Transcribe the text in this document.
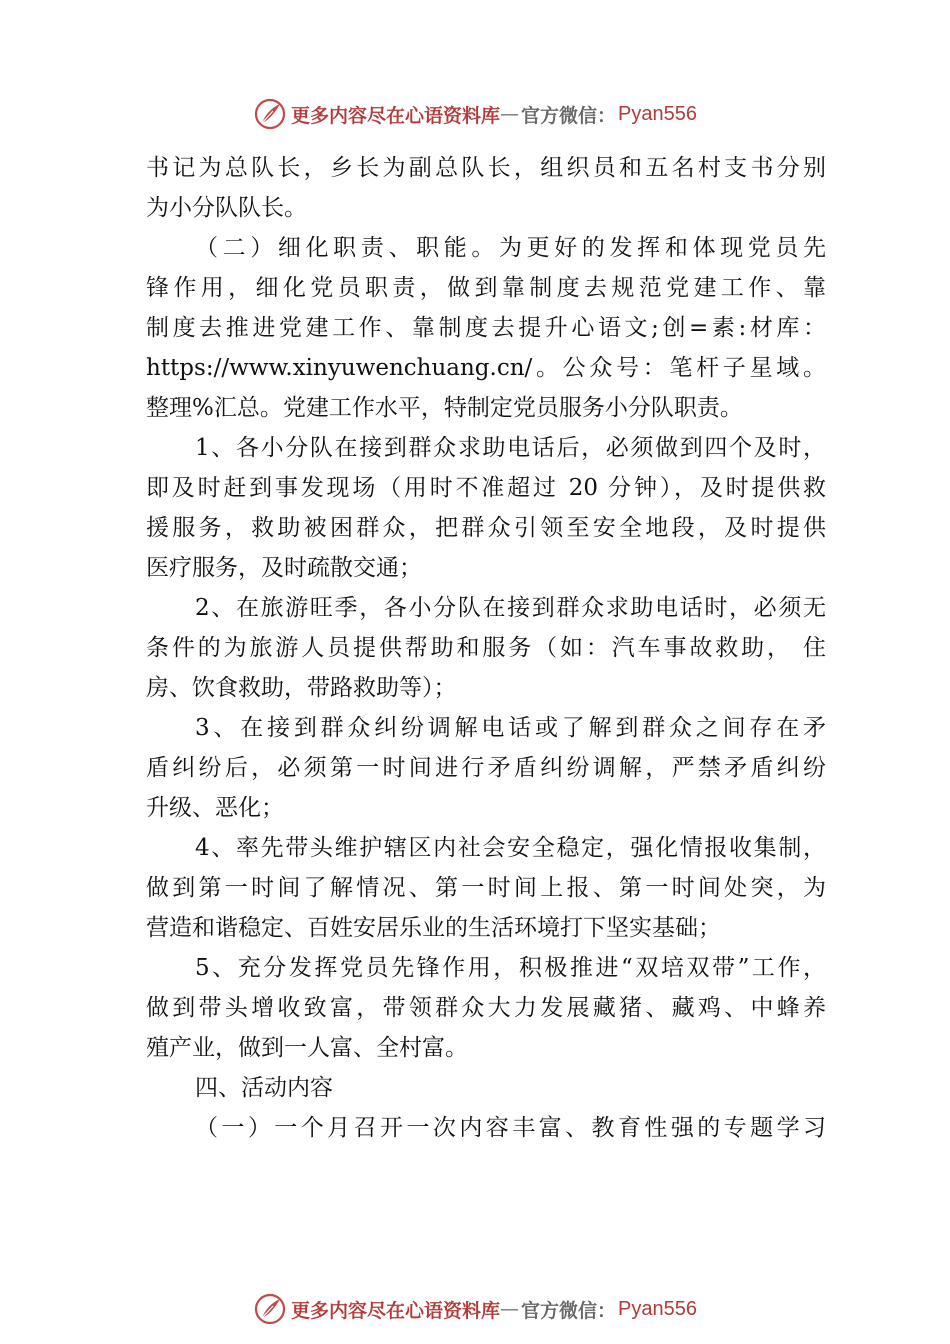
更多内容尽在心语资料库 — 官方微信： Pyan556
书记为总队长，乡长为副总队长，组织员和五名村支书分别
为小分队队长。
（二）细化职责、职能。为更好的发挥和体现党员先
锋作用，细化党员职责，做到靠制度去规范党建工作、靠
制度去推进党建工作、靠制度去提升心语文;创=素:材库：
https://www.xinyuwenchuang.cn/。公众号：笔杆子星域。
整理%汇总。党建工作水平，特制定党员服务小分队职责。
1、各小分队在接到群众求助电话后，必须做到四个及时，
即及时赶到事发现场（用时不准超过 20 分钟），及时提供救
援服务，救助被困群众，把群众引领至安全地段，及时提供
医疗服务，及时疏散交通；
2、在旅游旺季，各小分队在接到群众求助电话时，必须无
条件的为旅游人员提供帮助和服务（如：汽车事故救助， 住
房、饮食救助，带路救助等）；
3、在接到群众纠纷调解电话或了解到群众之间存在矛
盾纠纷后，必须第一时间进行矛盾纠纷调解，严禁矛盾纠纷
升级、恶化；
4、率先带头维护辖区内社会安全稳定，强化情报收集制，
做到第一时间了解情况、第一时间上报、第一时间处突，为
营造和谐稳定、百姓安居乐业的生活环境打下坚实基础；
5、充分发挥党员先锋作用，积极推进“双培双带”工作，
做到带头增收致富，带领群众大力发展藏猪、藏鸡、中蜂养
殖产业，做到一人富、全村富。
四、活动内容
（一）一个月召开一次内容丰富、教育性强的专题学习
更多内容尽在心语资料库 — 官方微信： Pyan556
